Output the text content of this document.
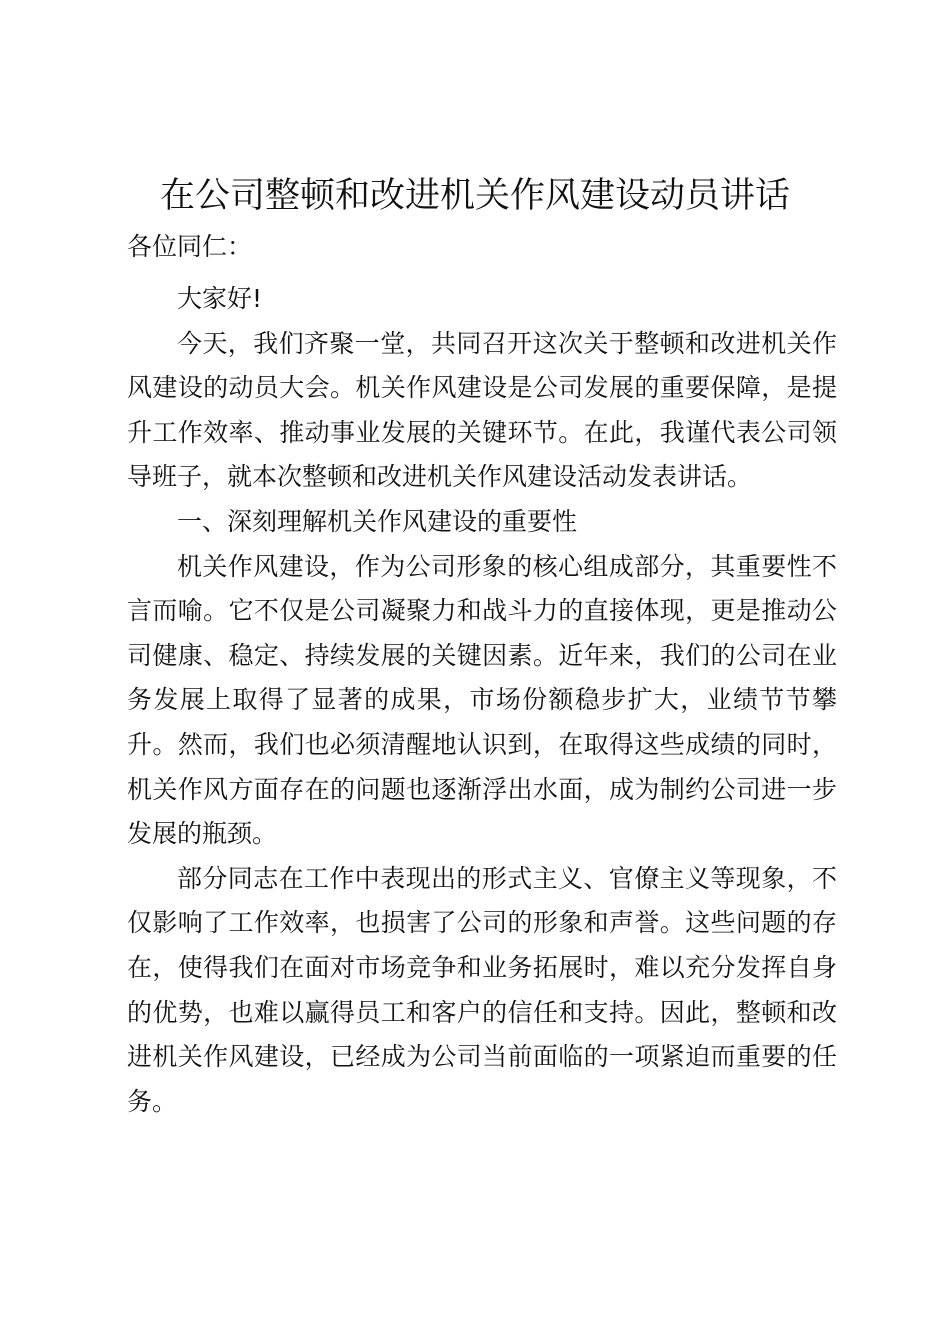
在公司整顿和改进机关作风建设动员讲话

各位同仁：

大家好!

今天，我们齐聚一堂，共同召开这次关于整顿和改进机关作风建设的动员大会。机关作风建设是公司发展的重要保障，是提升工作效率、推动事业发展的关键环节。在此，我谨代表公司领导班子，就本次整顿和改进机关作风建设活动发表讲话。

一、深刻理解机关作风建设的重要性

机关作风建设，作为公司形象的核心组成部分，其重要性不言而喻。它不仅是公司凝聚力和战斗力的直接体现，更是推动公司健康、稳定、持续发展的关键因素。近年来，我们的公司在业务发展上取得了显著的成果，市场份额稳步扩大，业绩节节攀升。然而，我们也必须清醒地认识到，在取得这些成绩的同时，机关作风方面存在的问题也逐渐浮出水面，成为制约公司进一步发展的瓶颈。

部分同志在工作中表现出的形式主义、官僚主义等现象，不仅影响了工作效率，也损害了公司的形象和声誉。这些问题的存在，使得我们在面对市场竞争和业务拓展时，难以充分发挥自身的优势，也难以赢得员工和客户的信任和支持。因此，整顿和改进机关作风建设，已经成为公司当前面临的一项紧迫而重要的任务。
